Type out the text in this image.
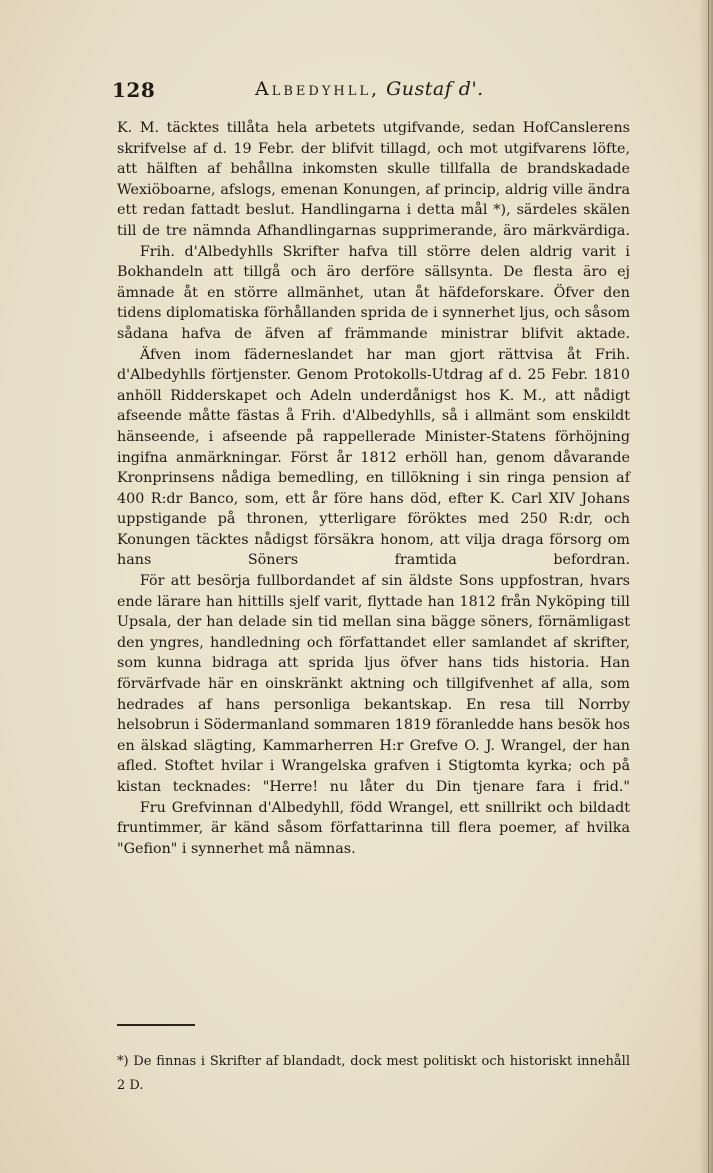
128	Albedyhll, Gustaf d'.

K. M. täcktes tillåta hela arbetets utgifvande, sedan HofCanslerens skrifvelse af d. 19 Febr. der blifvit tillagd, och mot utgifvarens löfte, att hälften af behållna inkomsten skulle tillfalla de brandskadade Wexiöboarne, afslogs, emenan Konungen, af princip, aldrig ville ändra ett redan fattadt beslut. Handlingarna i detta mål *), särdeles skälen till de tre nämnda Afhandlingarnas supprimerande, äro märkvärdiga.

Frih. d'Albedyhlls Skrifter hafva till större delen aldrig varit i Bokhandeln att tillgå och äro derföre sällsynta. De flesta äro ej ämnade åt en större allmänhet, utan åt häfdeforskare. Öfver den tidens diplomatiska förhållanden sprida de i synnerhet ljus, och såsom sådana hafva de äfven af främmande ministrar blifvit aktade.

Äfven inom fäderneslandet har man gjort rättvisa åt Frih. d'Albedyhlls förtjenster. Genom Protokolls-Utdrag af d. 25 Febr. 1810 anhöll Ridderskapet och Adeln underdånigst hos K. M., att nådigt afseende måtte fästas å Frih. d'Albedyhlls, så i allmänt som enskildt hänseende, i afseende på rappellerade Minister-Statens förhöjning ingifna anmärkningar. Först år 1812 erhöll han, genom dåvarande Kronprinsens nådiga bemedling, en tillökning i sin ringa pension af 400 R:dr Banco, som, ett år före hans död, efter K. Carl XIV Johans uppstigande på thronen, ytterligare föröktes med 250 R:dr, och Konungen täcktes nådigst försäkra honom, att vilja draga försorg om hans Söners framtida befordran.

För att besörja fullbordandet af sin äldste Sons uppfostran, hvars ende lärare han hittills sjelf varit, flyttade han 1812 från Nyköping till Upsala, der han delade sin tid mellan sina bägge söners, förnämligast den yngres, handledning och författandet eller samlandet af skrifter, som kunna bidraga att sprida ljus öfver hans tids historia. Han förvärfvade här en oinskränkt aktning och tillgifvenhet af alla, som hedrades af hans personliga bekantskap. En resa till Norrby helsobrun i Södermanland sommaren 1819 föranledde hans besök hos en älskad slägting, Kammarherren H:r Grefve O. J. Wrangel, der han afled. Stoftet hvilar i Wrangelska grafven i Stigtomta kyrka; och på kistan tecknades: "Herre! nu låter du Din tjenare fara i frid."

Fru Grefvinnan d'Albedyhll, född Wrangel, ett snillrikt och bildadt fruntimmer, är känd såsom författarinna till flera poemer, af hvilka "Gefion" i synnerhet må nämnas.

*) De finnas i Skrifter af blandadt, dock mest politiskt och historiskt innehåll 2 D.
